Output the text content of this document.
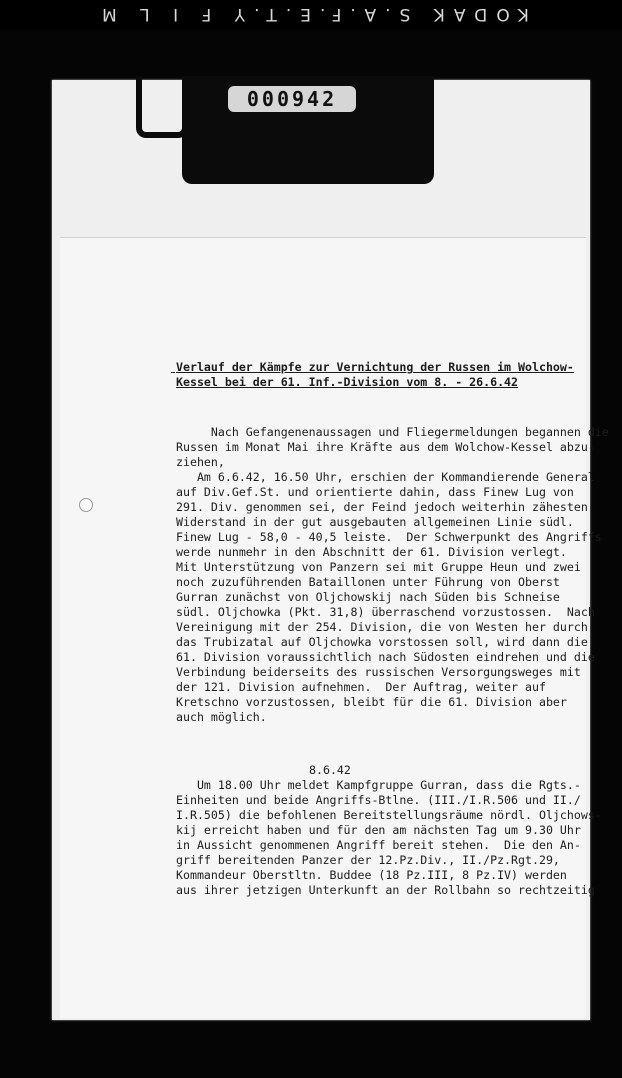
KODAK S.A.F.E.T.Y F I L M
000942
Verlauf der Kämpfe zur Vernichtung der Russen im Wolchow-
Kessel bei der 61. Inf.-Division vom 8. - 26.6.42
Nach Gefangenenaussagen und Fliegermeldungen begannen die
Russen im Monat Mai ihre Kräfte aus dem Wolchow-Kessel abzu-
ziehen,
Am 6.6.42, 16.50 Uhr, erschien der Kommandierende General
auf Div.Gef.St. und orientierte dahin, dass Finew Lug von
291. Div. genommen sei, der Feind jedoch weiterhin zähesten
Widerstand in der gut ausgebauten allgemeinen Linie südl.
Finew Lug - 58,0 - 40,5 leiste.  Der Schwerpunkt des Angriffs
werde nunmehr in den Abschnitt der 61. Division verlegt.
Mit Unterstützung von Panzern sei mit Gruppe Heun und zwei
noch zuzuführenden Bataillonen unter Führung von Oberst
Gurran zunächst von Oljchowskij nach Süden bis Schneise
südl. Oljchowka (Pkt. 31,8) überraschend vorzustossen.  Nach
Vereinigung mit der 254. Division, die von Westen her durch
das Trubizatal auf Oljchowka vorstossen soll, wird dann die
61. Division voraussichtlich nach Südosten eindrehen und die
Verbindung beiderseits des russischen Versorgungsweges mit
der 121. Division aufnehmen.  Der Auftrag, weiter auf
Kretschno vorzustossen, bleibt für die 61. Division aber
auch möglich.
8.6.42
Um 18.00 Uhr meldet Kampfgruppe Gurran, dass die Rgts.-
Einheiten und beide Angriffs-Btlne. (III./I.R.506 und II./
I.R.505) die befohlenen Bereitstellungsräume nördl. Oljchows-
kij erreicht haben und für den am nächsten Tag um 9.30 Uhr
in Aussicht genommenen Angriff bereit stehen.  Die den An-
griff bereitenden Panzer der 12.Pz.Div., II./Pz.Rgt.29,
Kommandeur Oberstltn. Buddee (18 Pz.III, 8 Pz.IV) werden
aus ihrer jetzigen Unterkunft an der Rollbahn so rechtzeitig
